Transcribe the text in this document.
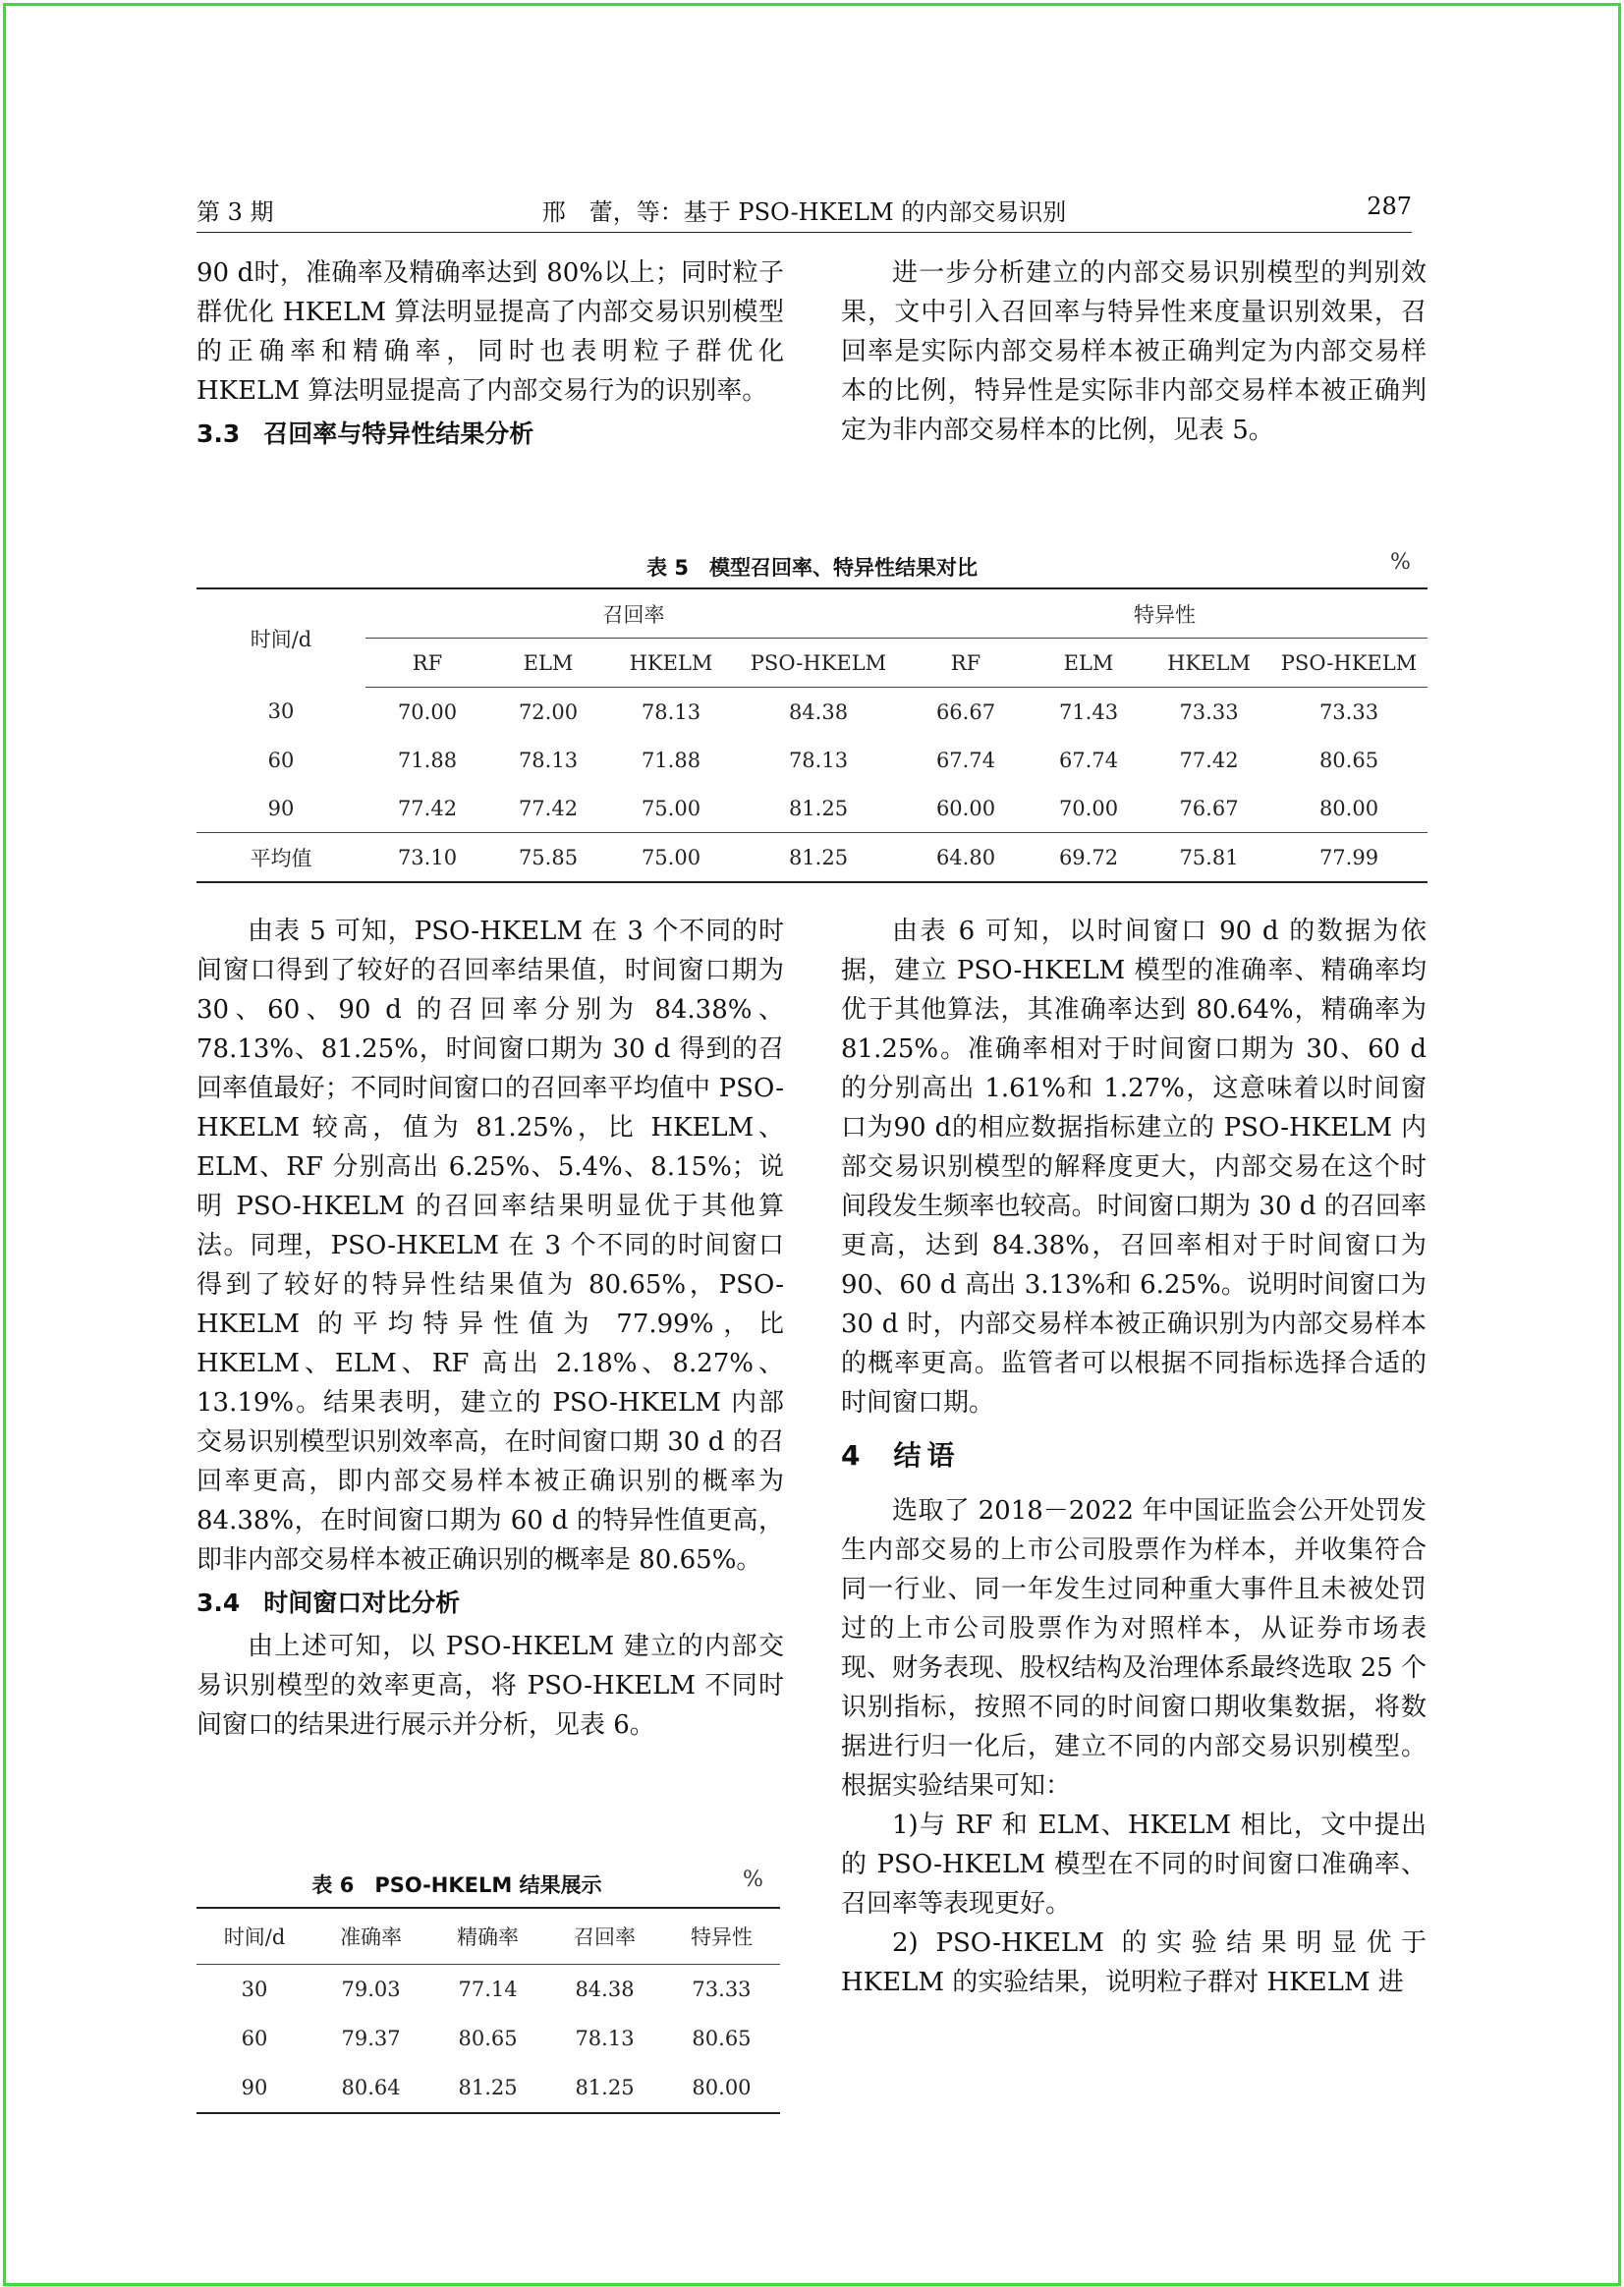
第 3 期	邢　蕾，等：基于 PSO-HKELM 的内部交易识别	287

90 d时，准确率及精确率达到 80%以上；同时粒子群优化 HKELM 算法明显提高了内部交易识别模型的正确率和精确率，同时也表明粒子群优化 HKELM 算法明显提高了内部交易行为的识别率。

3.3 召回率与特异性结果分析

进一步分析建立的内部交易识别模型的判别效果，文中引入召回率与特异性来度量识别效果，召回率是实际内部交易样本被正确判定为内部交易样本的比例，特异性是实际非内部交易样本被正确判定为非内部交易样本的比例，见表 5。

表 5　模型召回率、特异性结果对比	%
时间/d	召回率				特异性			
	RF	ELM	HKELM	PSO-HKELM	RF	ELM	HKELM	PSO-HKELM
30	70.00	72.00	78.13	84.38	66.67	71.43	73.33	73.33
60	71.88	78.13	71.88	78.13	67.74	67.74	77.42	80.65
90	77.42	77.42	75.00	81.25	60.00	70.00	76.67	80.00
平均值	73.10	75.85	75.00	81.25	64.80	69.72	75.81	77.99

由表 5 可知，PSO-HKELM 在 3 个不同的时间窗口得到了较好的召回率结果值，时间窗口期为 30、60、90 d 的召回率分别为 84.38%、78.13%、81.25%，时间窗口期为 30 d 得到的召回率值最好；不同时间窗口的召回率平均值中 PSO-HKELM 较高，值为 81.25%，比 HKELM、ELM、RF 分别高出 6.25%、5.4%、8.15%；说明 PSO-HKELM 的召回率结果明显优于其他算法。同理，PSO-HKELM 在 3 个不同的时间窗口得到了较好的特异性结果值为 80.65%，PSO-HKELM 的平均特异性值为 77.99%，比 HKELM、ELM、RF 高出 2.18%、8.27%、13.19%。结果表明，建立的 PSO-HKELM 内部交易识别模型识别效率高，在时间窗口期 30 d 的召回率更高，即内部交易样本被正确识别的概率为84.38%，在时间窗口期为 60 d 的特异性值更高，即非内部交易样本被正确识别的概率是 80.65%。

3.4 时间窗口对比分析

由上述可知，以 PSO-HKELM 建立的内部交易识别模型的效率更高，将 PSO-HKELM 不同时间窗口的结果进行展示并分析，见表 6。

表 6　PSO-HKELM 结果展示	%
时间/d	准确率	精确率	召回率	特异性
30	79.03	77.14	84.38	73.33
60	79.37	80.65	78.13	80.65
90	80.64	81.25	81.25	80.00

由表 6 可知，以时间窗口 90 d 的数据为依据，建立 PSO-HKELM 模型的准确率、精确率均优于其他算法，其准确率达到 80.64%，精确率为 81.25%。准确率相对于时间窗口期为 30、60 d 的分别高出 1.61%和 1.27%，这意味着以时间窗口为90 d的相应数据指标建立的 PSO-HKELM 内部交易识别模型的解释度更大，内部交易在这个时间段发生频率也较高。时间窗口期为 30 d 的召回率更高，达到 84.38%，召回率相对于时间窗口为 90、60 d 高出 3.13%和 6.25%。说明时间窗口为 30 d 时，内部交易样本被正确识别为内部交易样本的概率更高。监管者可以根据不同指标选择合适的时间窗口期。

4 结语

选取了 2018－2022 年中国证监会公开处罚发生内部交易的上市公司股票作为样本，并收集符合同一行业、同一年发生过同种重大事件且未被处罚过的上市公司股票作为对照样本，从证券市场表现、财务表现、股权结构及治理体系最终选取 25 个识别指标，按照不同的时间窗口期收集数据，将数据进行归一化后，建立不同的内部交易识别模型。根据实验结果可知：

1)与 RF 和 ELM、HKELM 相比，文中提出的 PSO-HKELM 模型在不同的时间窗口准确率、召回率等表现更好。

2) PSO-HKELM 的实验结果明显优于 HKELM 的实验结果，说明粒子群对 HKELM 进
